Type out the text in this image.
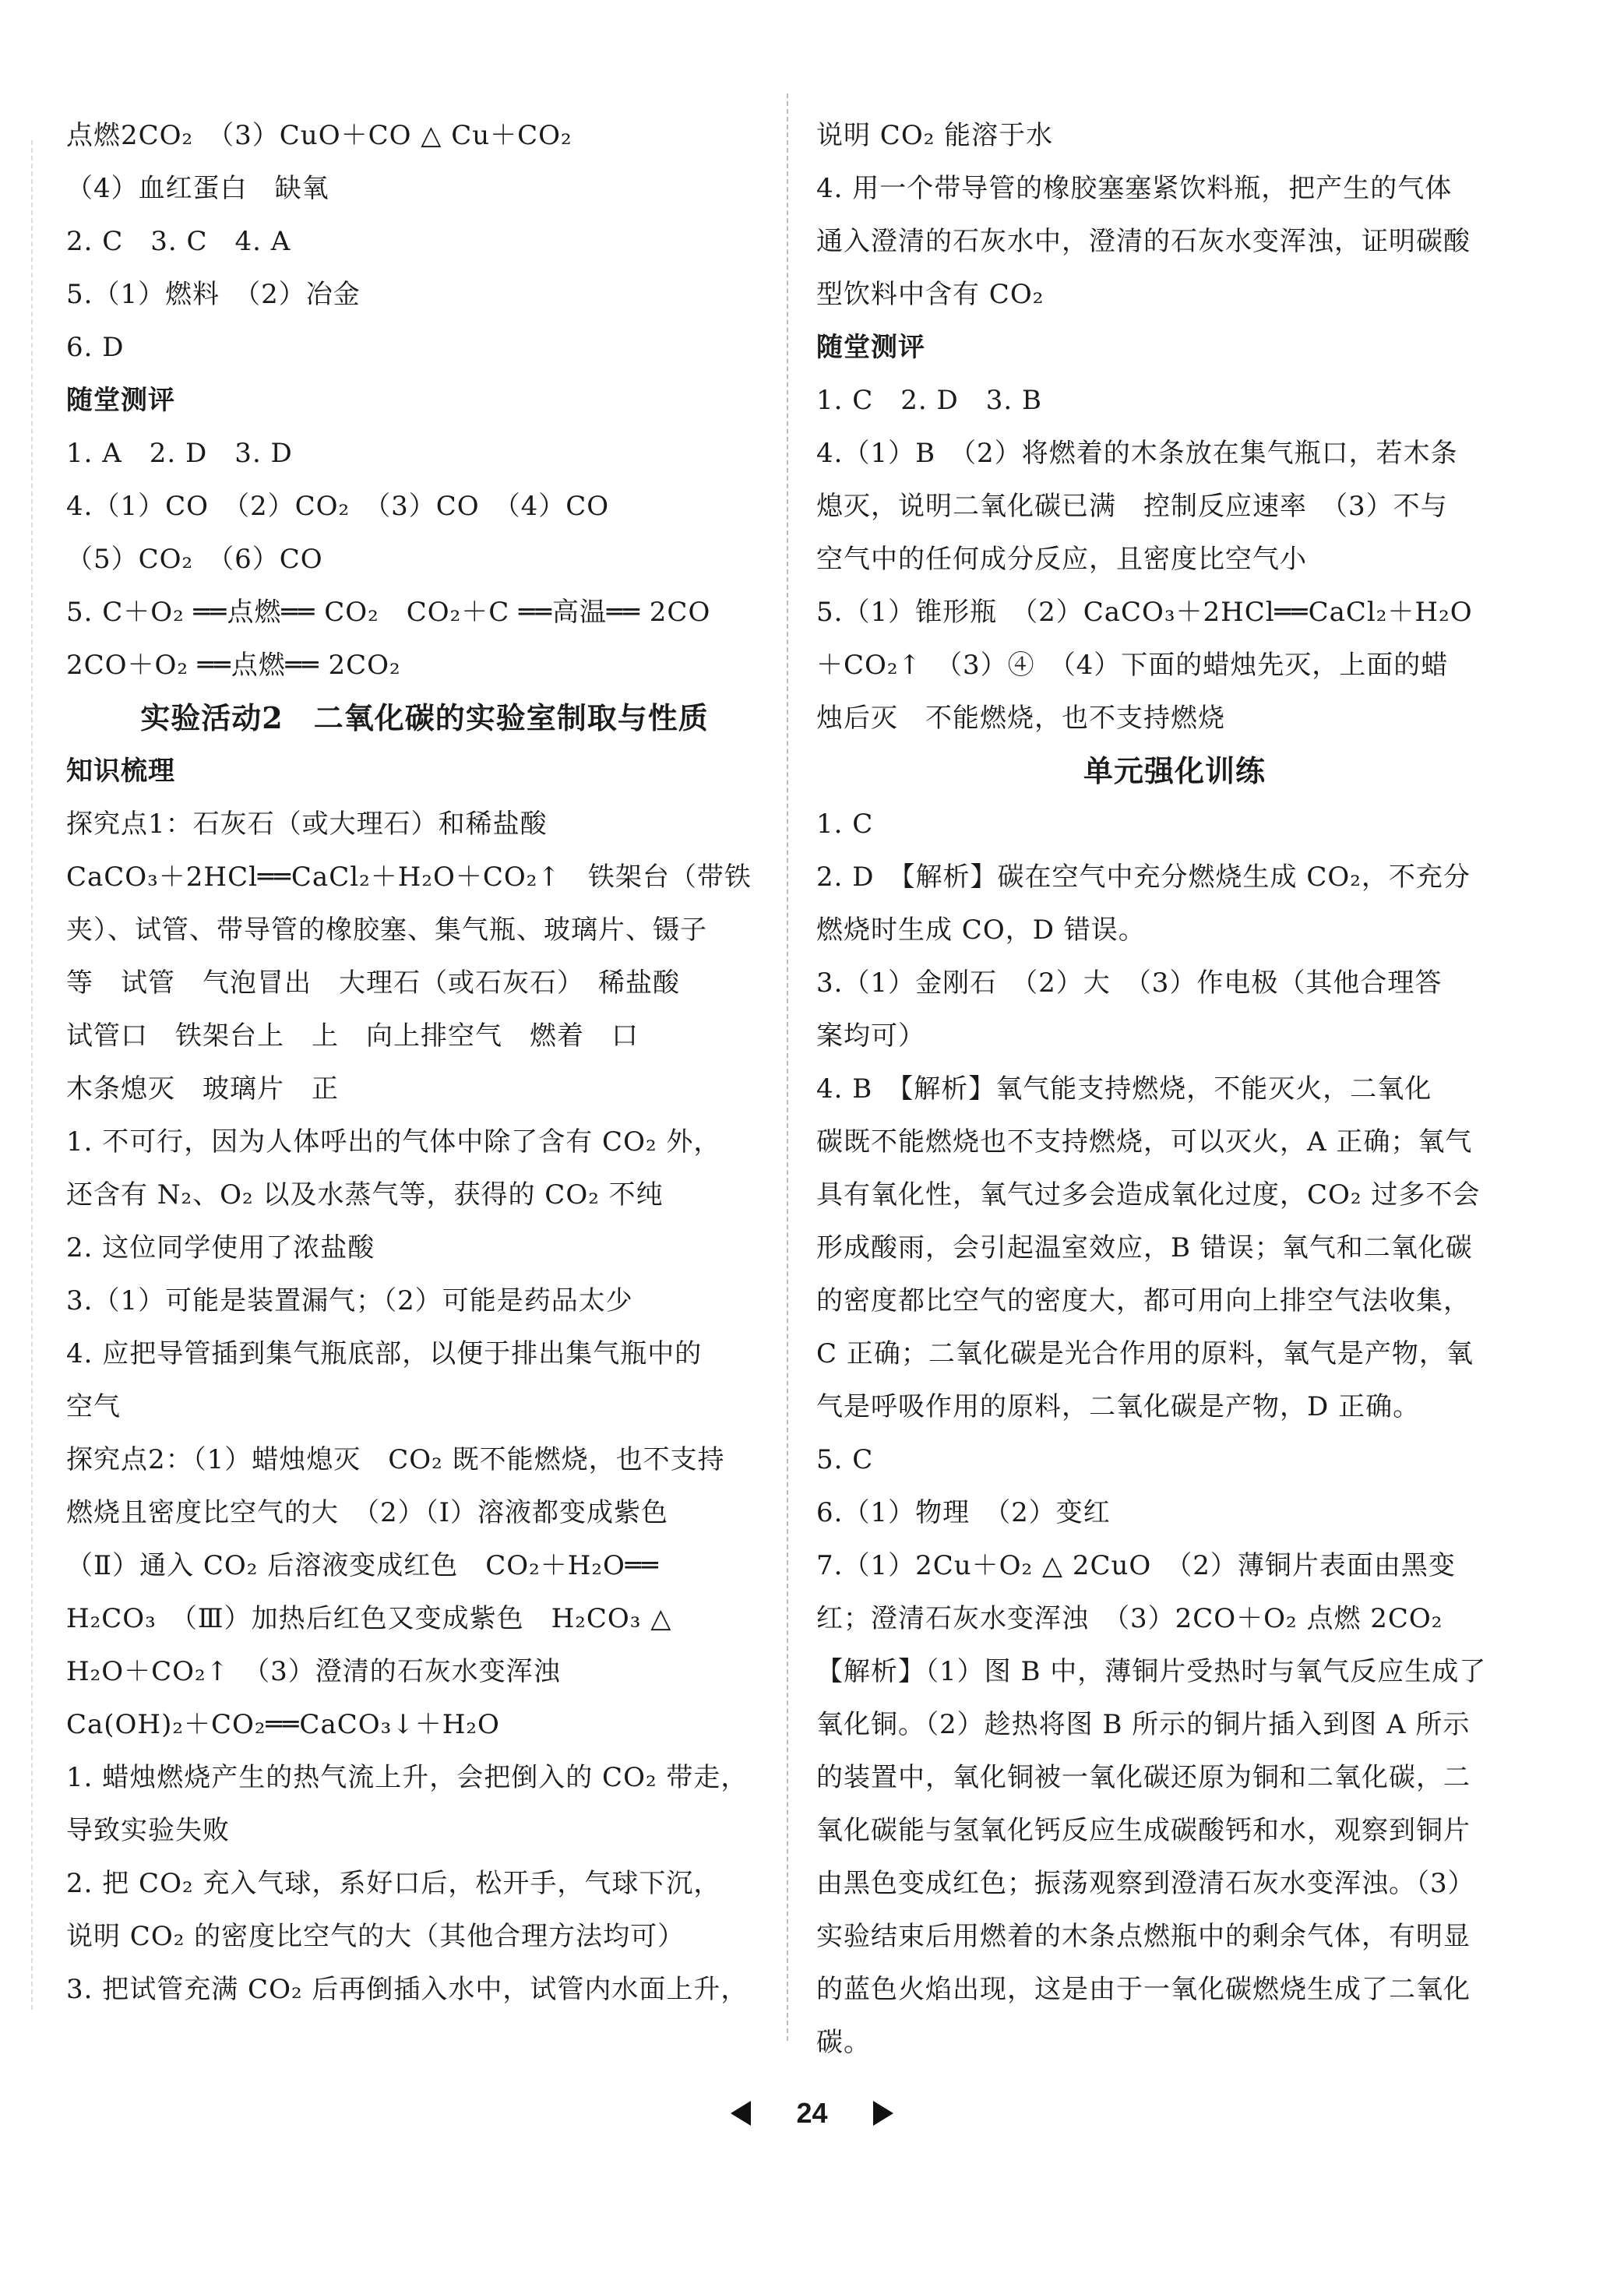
点燃2CO₂　（3）CuO＋CO △ Cu＋CO₂
（4）血红蛋白　缺氧
2. C　3. C　4. A
5.（1）燃料　（2）冶金
6. D
随堂测评
1. A　2. D　3. D
4.（1）CO　（2）CO₂　（3）CO　（4）CO
（5）CO₂　（6）CO
5. C＋O₂ ══点燃══ CO₂　CO₂＋C ══高温══ 2CO
2CO＋O₂ ══点燃══ 2CO₂
实验活动2　二氧化碳的实验室制取与性质
知识梳理
探究点1：石灰石（或大理石）和稀盐酸
CaCO₃＋2HCl══CaCl₂＋H₂O＋CO₂↑　铁架台（带铁
夹）、试管、带导管的橡胶塞、集气瓶、玻璃片、镊子
等　试管　气泡冒出　大理石（或石灰石）　稀盐酸
试管口　铁架台上　上　向上排空气　燃着　口
木条熄灭　玻璃片　正
1. 不可行，因为人体呼出的气体中除了含有 CO₂ 外，
还含有 N₂、O₂ 以及水蒸气等，获得的 CO₂ 不纯
2. 这位同学使用了浓盐酸
3.（1）可能是装置漏气；（2）可能是药品太少
4. 应把导管插到集气瓶底部，以便于排出集气瓶中的
空气
探究点2：（1）蜡烛熄灭　CO₂ 既不能燃烧，也不支持
燃烧且密度比空气的大　（2）（Ⅰ）溶液都变成紫色
（Ⅱ）通入 CO₂ 后溶液变成红色　CO₂＋H₂O══
H₂CO₃　（Ⅲ）加热后红色又变成紫色　H₂CO₃ △
H₂O＋CO₂↑　（3）澄清的石灰水变浑浊
Ca(OH)₂＋CO₂══CaCO₃↓＋H₂O
1. 蜡烛燃烧产生的热气流上升，会把倒入的 CO₂ 带走，
导致实验失败
2. 把 CO₂ 充入气球，系好口后，松开手，气球下沉，
说明 CO₂ 的密度比空气的大（其他合理方法均可）
3. 把试管充满 CO₂ 后再倒插入水中，试管内水面上升，
说明 CO₂ 能溶于水
4. 用一个带导管的橡胶塞塞紧饮料瓶，把产生的气体
通入澄清的石灰水中，澄清的石灰水变浑浊，证明碳酸
型饮料中含有 CO₂
随堂测评
1. C　2. D　3. B
4.（1）B　（2）将燃着的木条放在集气瓶口，若木条
熄灭，说明二氧化碳已满　控制反应速率　（3）不与
空气中的任何成分反应，且密度比空气小
5.（1）锥形瓶　（2）CaCO₃＋2HCl══CaCl₂＋H₂O
＋CO₂↑　（3）④　（4）下面的蜡烛先灭，上面的蜡
烛后灭　不能燃烧，也不支持燃烧
单元强化训练
1. C
2. D　【解析】碳在空气中充分燃烧生成 CO₂，不充分
燃烧时生成 CO，D 错误。
3.（1）金刚石　（2）大　（3）作电极（其他合理答
案均可）
4. B　【解析】氧气能支持燃烧，不能灭火，二氧化
碳既不能燃烧也不支持燃烧，可以灭火，A 正确；氧气
具有氧化性，氧气过多会造成氧化过度，CO₂ 过多不会
形成酸雨，会引起温室效应，B 错误；氧气和二氧化碳
的密度都比空气的密度大，都可用向上排空气法收集，
C 正确；二氧化碳是光合作用的原料，氧气是产物，氧
气是呼吸作用的原料，二氧化碳是产物，D 正确。
5. C
6.（1）物理　（2）变红
7.（1）2Cu＋O₂ △ 2CuO　（2）薄铜片表面由黑变
红；澄清石灰水变浑浊　（3）2CO＋O₂ 点燃 2CO₂
【解析】（1）图 B 中，薄铜片受热时与氧气反应生成了
氧化铜。（2）趁热将图 B 所示的铜片插入到图 A 所示
的装置中，氧化铜被一氧化碳还原为铜和二氧化碳，二
氧化碳能与氢氧化钙反应生成碳酸钙和水，观察到铜片
由黑色变成红色；振荡观察到澄清石灰水变浑浊。（3）
实验结束后用燃着的木条点燃瓶中的剩余气体，有明显
的蓝色火焰出现，这是由于一氧化碳燃烧生成了二氧化
碳。
24
